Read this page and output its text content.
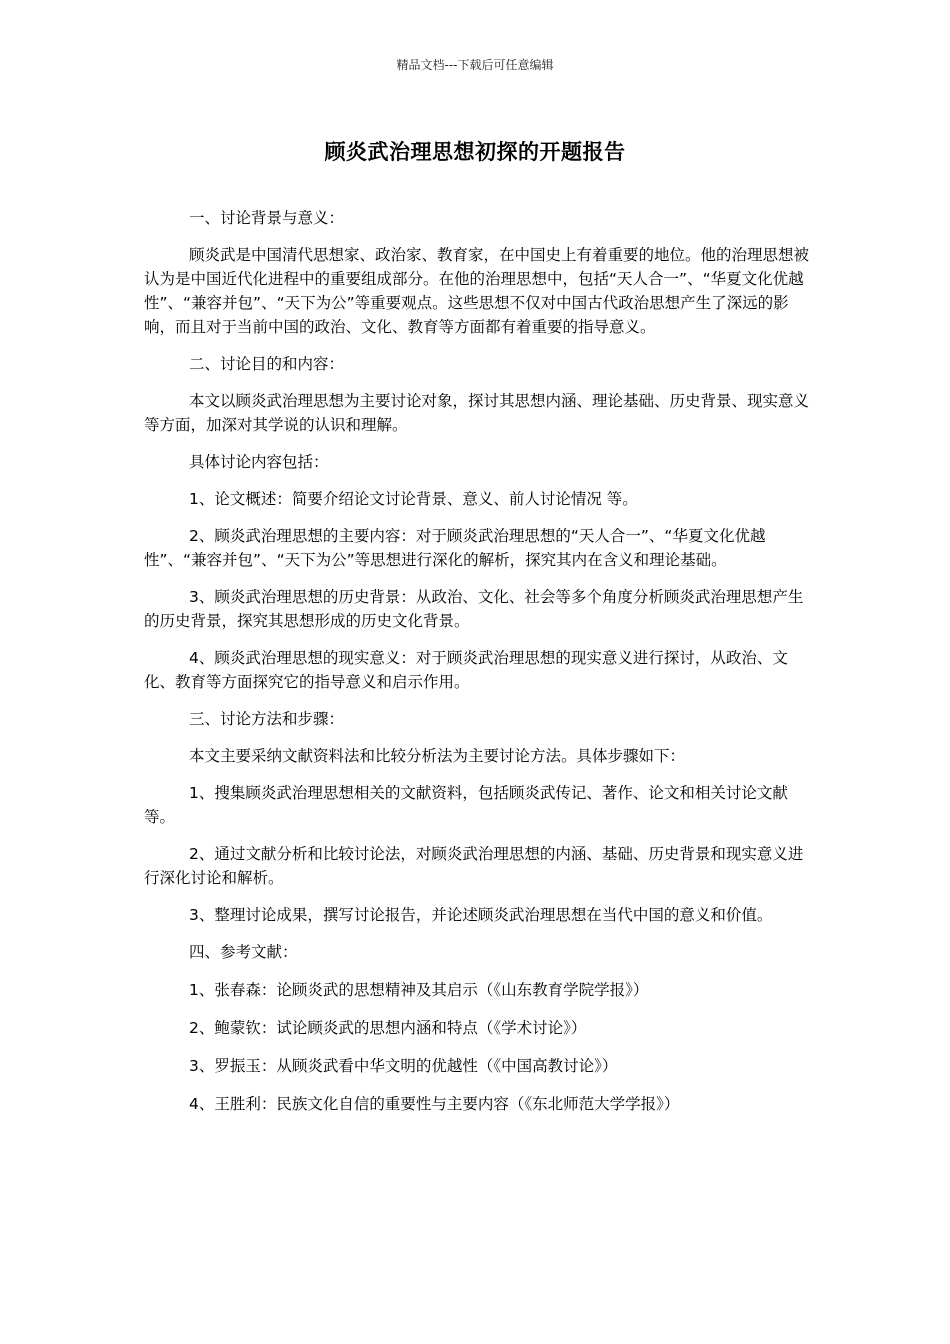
精品文档---下载后可任意编辑
顾炎武治理思想初探的开题报告

一、讨论背景与意义：

顾炎武是中国清代思想家、政治家、教育家，在中国史上有着重要的地位。他的治理思想被认为是中国近代化进程中的重要组成部分。在他的治理思想中，包括“天人合一”、“华夏文化优越性”、“兼容并包”、“天下为公”等重要观点。这些思想不仅对中国古代政治思想产生了深远的影响，而且对于当前中国的政治、文化、教育等方面都有着重要的指导意义。

二、讨论目的和内容：

本文以顾炎武治理思想为主要讨论对象，探讨其思想内涵、理论基础、历史背景、现实意义等方面，加深对其学说的认识和理解。

具体讨论内容包括：

1、论文概述：简要介绍论文讨论背景、意义、前人讨论情况 等。

2、顾炎武治理思想的主要内容：对于顾炎武治理思想的“天人合一”、“华夏文化优越性”、“兼容并包”、“天下为公”等思想进行深化的解析，探究其内在含义和理论基础。

3、顾炎武治理思想的历史背景：从政治、文化、社会等多个角度分析顾炎武治理思想产生的历史背景，探究其思想形成的历史文化背景。

4、顾炎武治理思想的现实意义：对于顾炎武治理思想的现实意义进行探讨，从政治、文化、教育等方面探究它的指导意义和启示作用。

三、讨论方法和步骤：

本文主要采纳文献资料法和比较分析法为主要讨论方法。具体步骤如下：

1、搜集顾炎武治理思想相关的文献资料，包括顾炎武传记、著作、论文和相关讨论文献等。

2、通过文献分析和比较讨论法，对顾炎武治理思想的内涵、基础、历史背景和现实意义进行深化讨论和解析。

3、整理讨论成果，撰写讨论报告，并论述顾炎武治理思想在当代中国的意义和价值。

四、参考文献：

1、张春森：论顾炎武的思想精神及其启示（《山东教育学院学报》）

2、鲍蒙钦：试论顾炎武的思想内涵和特点（《学术讨论》）

3、罗振玉：从顾炎武看中华文明的优越性（《中国高教讨论》）

4、王胜利：民族文化自信的重要性与主要内容（《东北师范大学学报》）
